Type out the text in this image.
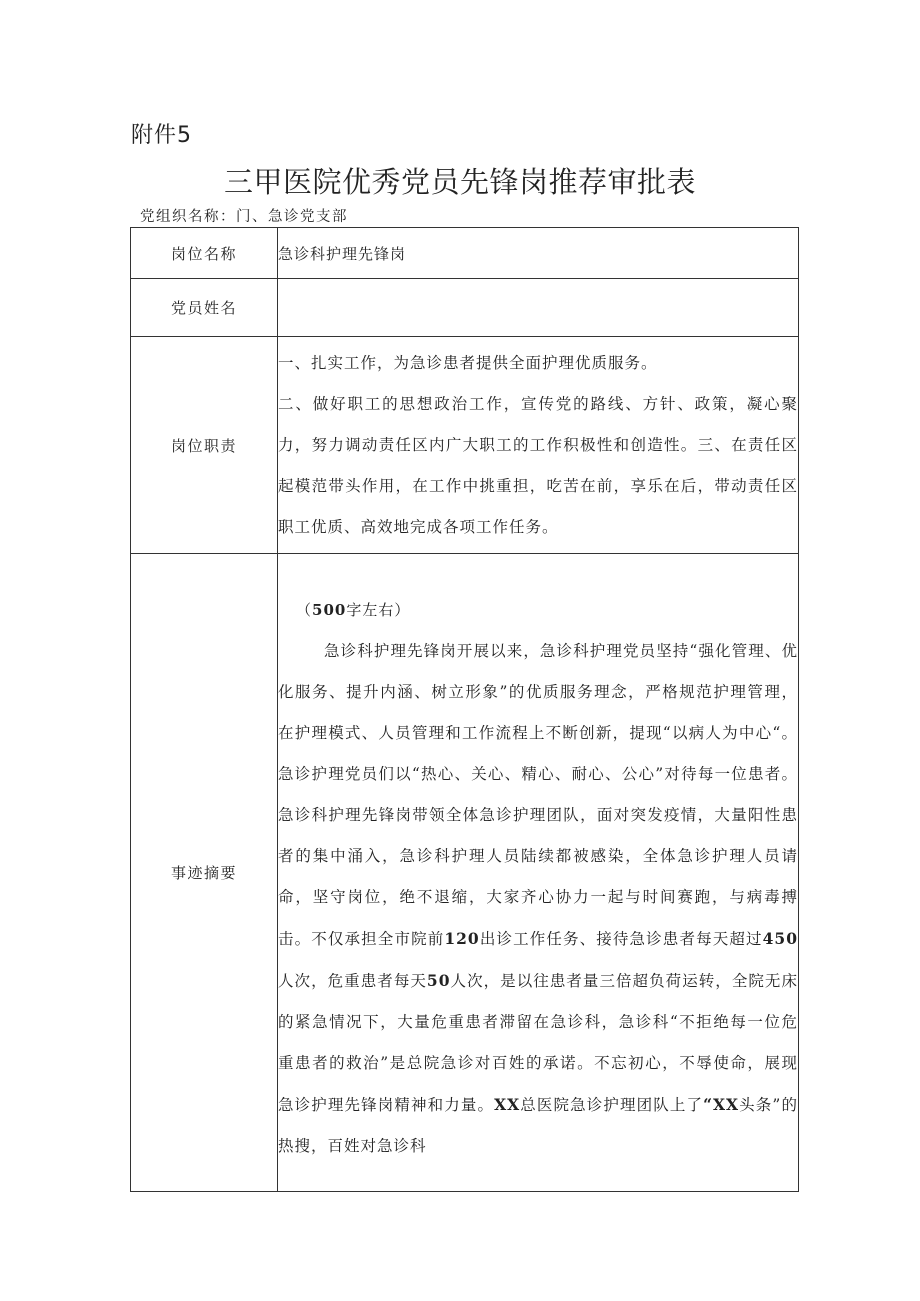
附件5
三甲医院优秀党员先锋岗推荐审批表
党组织名称：门、急诊党支部
岗位名称	急诊科护理先锋岗
党员姓名	
岗位职责	一、扎实工作，为急诊患者提供全面护理优质服务。
二、做好职工的思想政治工作，宣传党的路线、方针、政策，凝心聚力，努力调动责任区内广大职工的工作积极性和创造性。三、在责任区起模范带头作用，在工作中挑重担，吃苦在前，享乐在后，带动责任区职工优质、高效地完成各项工作任务。

事迹摘要	（500字左右）
急诊科护理先锋岗开展以来，急诊科护理党员坚持“强化管理、优化服务、提升内涵、树立形象”的优质服务理念，严格规范护理管理，在护理模式、人员管理和工作流程上不断创新，提现“以病人为中心“。急诊护理党员们以“热心、关心、精心、耐心、公心”对待每一位患者。急诊科护理先锋岗带领全体急诊护理团队，面对突发疫情，大量阳性患者的集中涌入，急诊科护理人员陆续都被感染，全体急诊护理人员请命，坚守岗位，绝不退缩，大家齐心协力一起与时间赛跑，与病毒搏击。不仅承担全市院前120出诊工作任务、接待急诊患者每天超过450人次，危重患者每天50人次，是以往患者量三倍超负荷运转，全院无床的紧急情况下，大量危重患者滞留在急诊科，急诊科“不拒绝每一位危重患者的救治”是总院急诊对百姓的承诺。不忘初心，不辱使命，展现急诊护理先锋岗精神和力量。XX总医院急诊护理团队上了“XX头条”的热搜，百姓对急诊科
